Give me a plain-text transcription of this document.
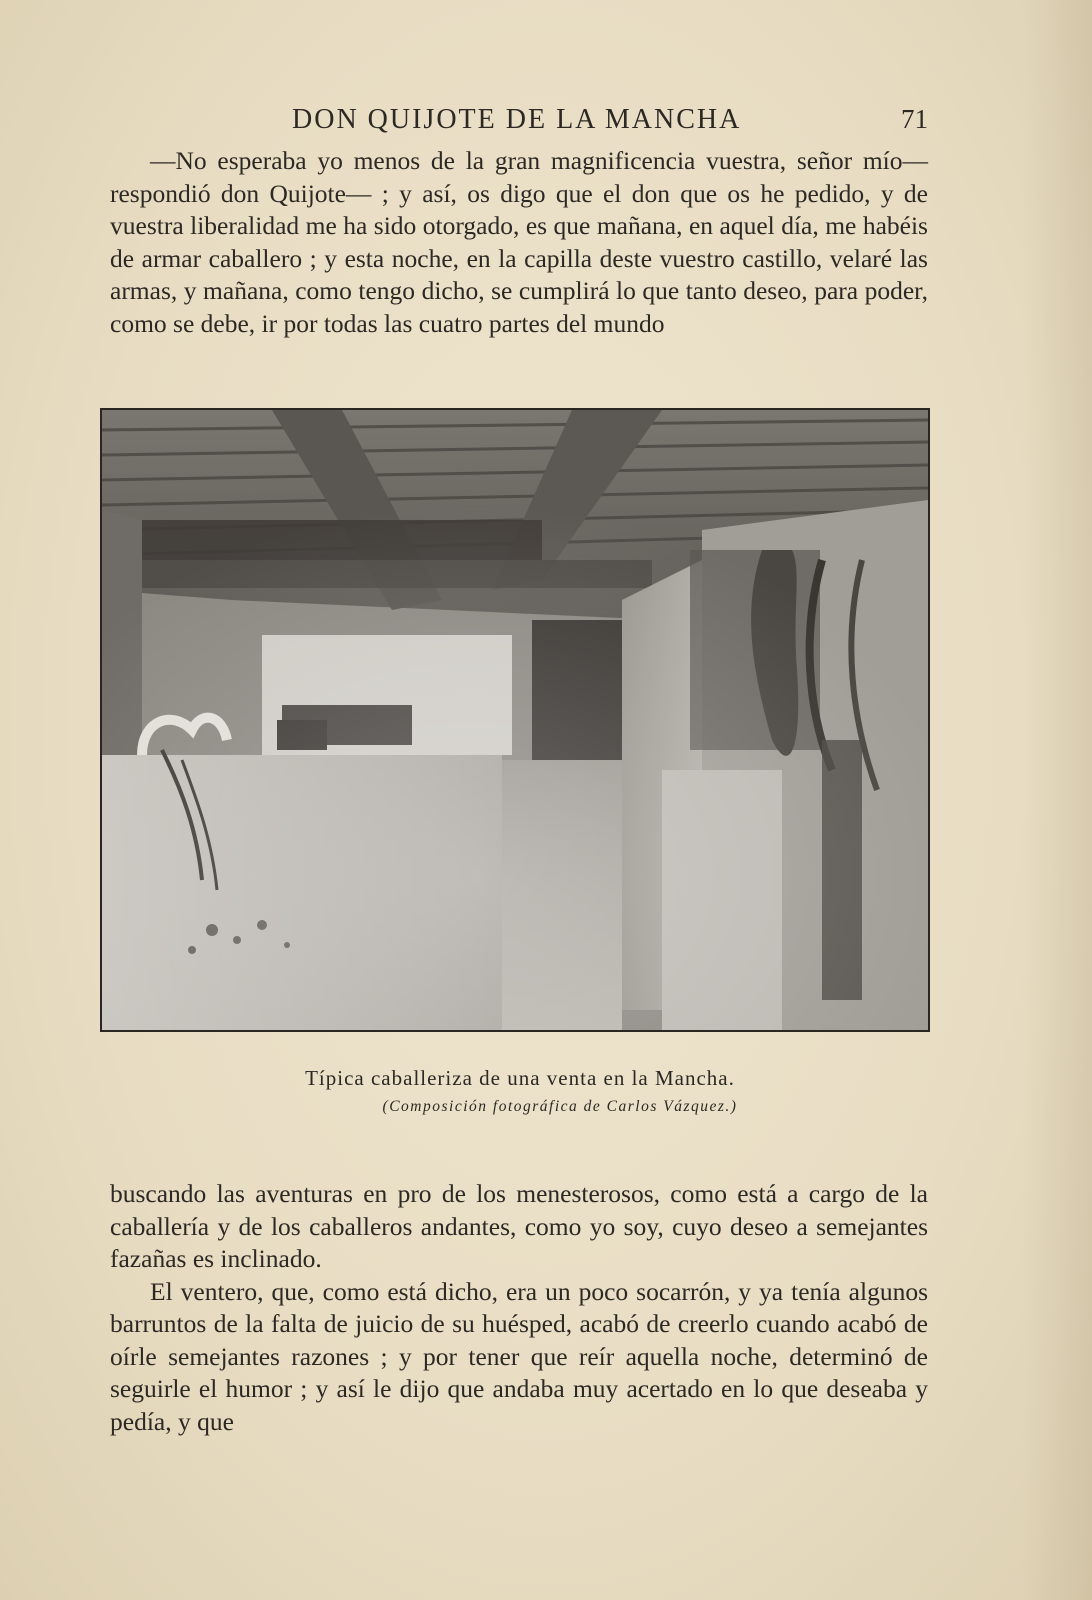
DON QUIJOTE DE LA MANCHA	71

—No esperaba yo menos de la gran magnificencia vuestra, señor mío—respondió don Quijote— ; y así, os digo que el don que os he pedido, y de vuestra liberalidad me ha sido otorgado, es que mañana, en aquel día, me habéis de armar caballero ; y esta noche, en la capilla deste vuestro castillo, velaré las armas, y mañana, como tengo dicho, se cumplirá lo que tanto deseo, para poder, como se debe, ir por todas las cuatro partes del mundo

Típica caballeriza de una venta en la Mancha.
(Composición fotográfica de Carlos Vázquez.)

buscando las aventuras en pro de los menesterosos, como está a cargo de la caballería y de los caballeros andantes, como yo soy, cuyo deseo a semejantes fazañas es inclinado.

El ventero, que, como está dicho, era un poco socarrón, y ya tenía algunos barruntos de la falta de juicio de su huésped, acabó de creerlo cuando acabó de oírle semejantes razones ; y por tener que reír aquella noche, determinó de seguirle el humor ; y así le dijo que andaba muy acertado en lo que deseaba y pedía, y que
